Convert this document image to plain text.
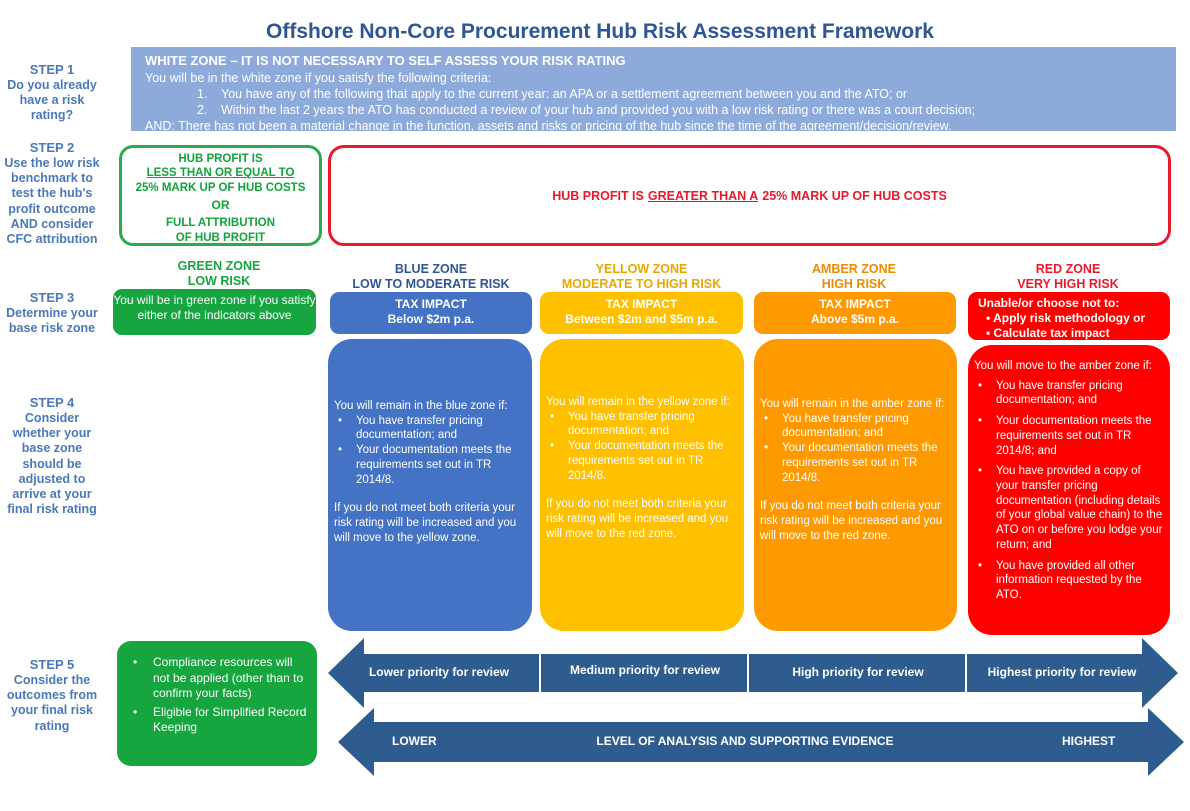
Offshore Non-Core Procurement Hub Risk Assessment Framework
STEP 1
Do you already have a risk rating?
STEP 2
Use the low risk benchmark to test the hub's profit outcome AND consider CFC attribution
STEP 3
Determine your base risk zone
STEP 4
Consider whether your base zone should be adjusted to arrive at your final risk rating
STEP 5
Consider the outcomes from your final risk rating
WHITE ZONE – IT IS NOT NECESSARY TO SELF ASSESS YOUR RISK RATING
You will be in the white zone if you satisfy the following criteria:
1. You have any of the following that apply to the current year: an APA or a settlement agreement between you and the ATO; or
2. Within the last 2 years the ATO has conducted a review of your hub and provided you with a low risk rating or there was a court decision;
AND: There has not been a material change in the function, assets and risks or pricing of the hub since the time of the agreement/decision/review.
HUB PROFIT IS
LESS THAN OR EQUAL TO
25% MARK UP OF HUB COSTS
OR
FULL ATTRIBUTION
OF HUB PROFIT
HUB PROFIT IS GREATER THAN A 25% MARK UP OF HUB COSTS
GREEN ZONE
LOW RISK
BLUE ZONE
LOW TO MODERATE RISK
YELLOW ZONE
MODERATE TO HIGH RISK
AMBER ZONE
HIGH RISK
RED ZONE
VERY HIGH RISK
You will be in green zone if you satisfy either of the indicators above
TAX IMPACT
Below $2m p.a.
TAX IMPACT
Between $2m and $5m p.a.
TAX IMPACT
Above $5m p.a.
Unable/or choose not to:
• Apply risk methodology or
• Calculate tax impact

You will remain in the blue zone if:

• You have transfer pricing documentation; and
• Your documentation meets the requirements set out in TR 2014/8.

If you do not meet both criteria your risk rating will be increased and you will move to the yellow zone.

You will remain in the yellow zone if:

• You have transfer pricing documentation; and
• Your documentation meets the requirements set out in TR 2014/8.

If you do not meet both criteria your risk rating will be increased and you will move to the red zone.

You will remain in the amber zone if:

• You have transfer pricing documentation; and
• Your documentation meets the requirements set out in TR 2014/8.

If you do not meet both criteria your risk rating will be increased and you will move to the red zone.

You will move to the amber zone if:

• You have transfer pricing documentation; and
• Your documentation meets the requirements set out in TR 2014/8; and
• You have provided a copy of your transfer pricing documentation (including details of your global value chain) to the ATO on or before you lodge your return; and
• You have provided all other information requested by the ATO.
• Compliance resources will not be applied (other than to confirm your facts)
• Eligible for Simplified Record Keeping
Lower priority for review	Medium priority for review	High priority for review	Highest priority for review
LOWER	LEVEL OF ANALYSIS AND SUPPORTING EVIDENCE	HIGHEST
